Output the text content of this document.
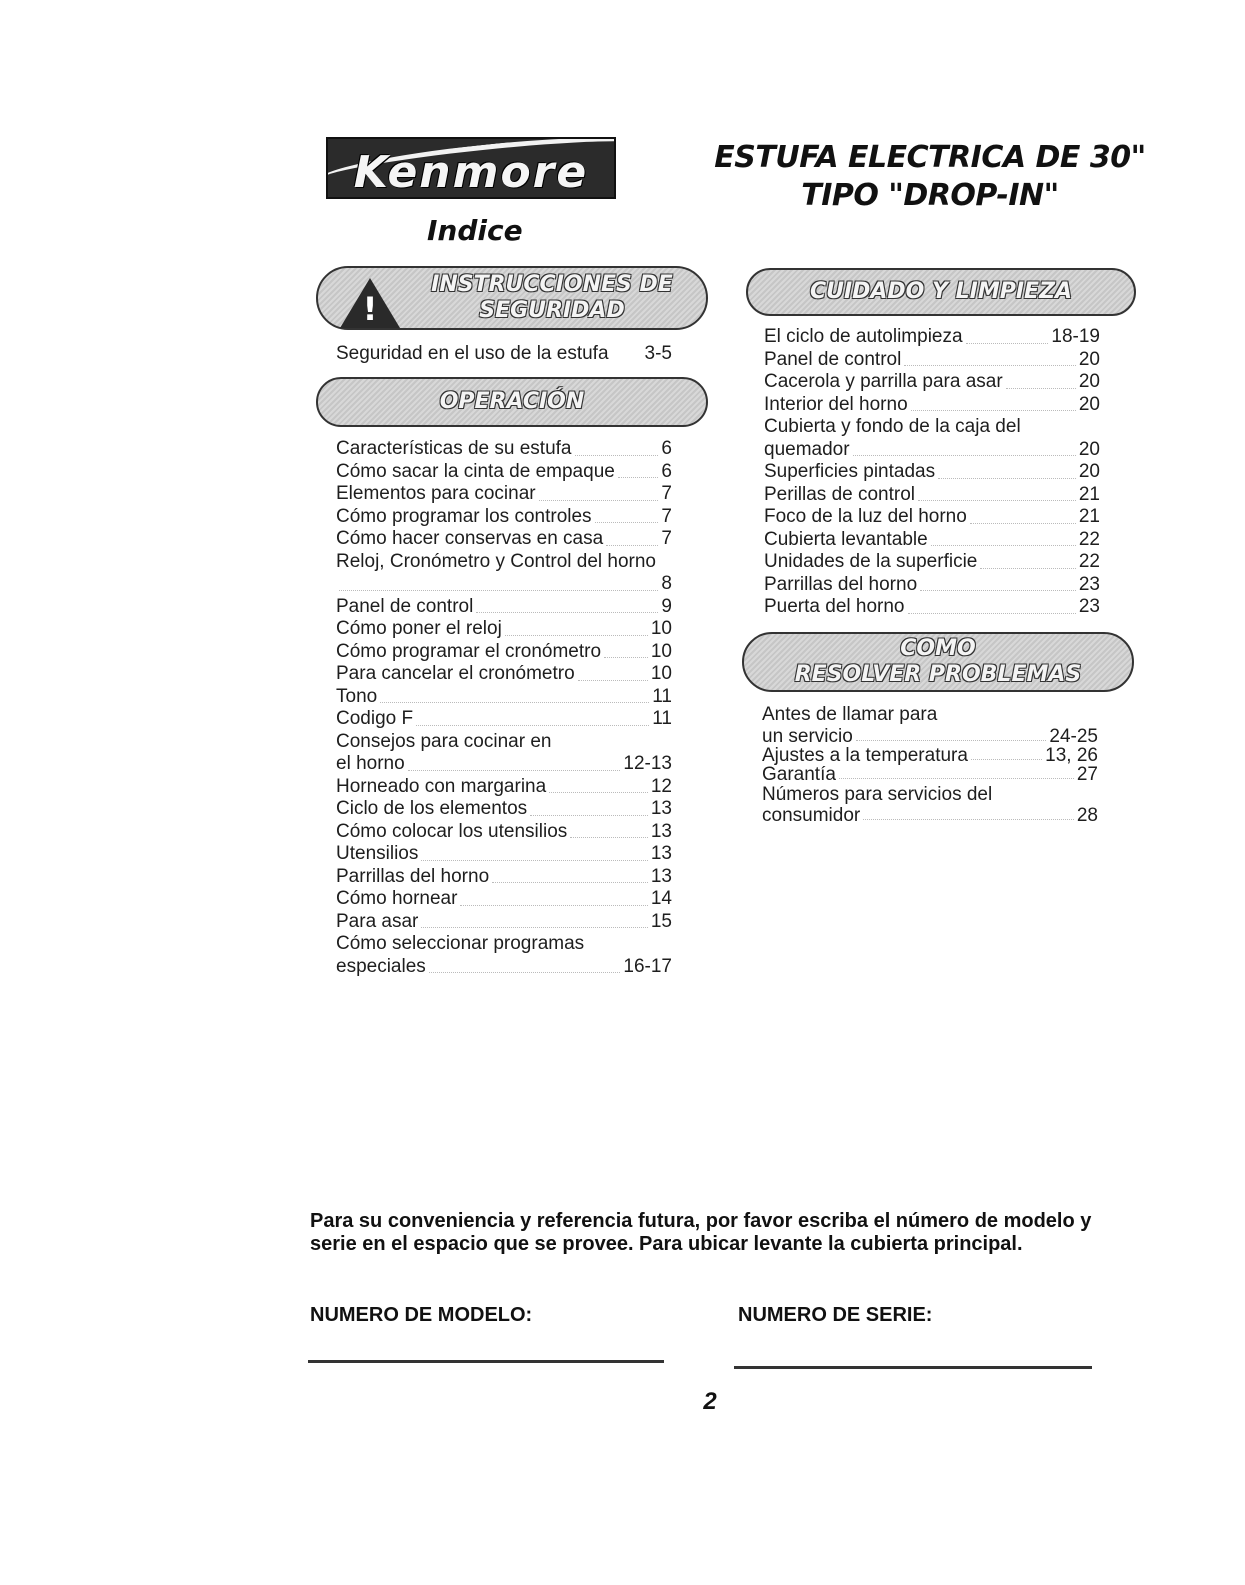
Kenmore
Indice
ESTUFA ELECTRICA DE 30"
TIPO "DROP-IN"
!
INSTRUCCIONES DE
SEGURIDAD
Seguridad en el uso de la estufa 3-5
OPERACIÓN
Características de su estufa	6
Cómo sacar la cinta de empaque 6
Elementos para cocinar	7
Cómo programar los controles	7
Cómo hacer conservas en casa	7
Reloj, Cronómetro y Control del horno
8
Panel de control	9
Cómo poner el reloj	10
Cómo programar el cronómetro	10
Para cancelar el cronómetro	10
Tono	11
Codigo F	11
Consejos para cocinar en
el horno	12-13
Horneado con margarina	12
Ciclo de los elementos	13
Cómo colocar los utensilios	13
Utensilios	13
Parrillas del horno	13
Cómo hornear	14
Para asar	15
Cómo seleccionar programas
especiales	16-17
CUIDADO Y LIMPIEZA
El ciclo de autolimpieza	18-19
Panel de control	20
Cacerola y parrilla para asar	20
Interior del horno	20
Cubierta y fondo de la caja del
quemador	20
Superficies pintadas	20
Perillas de control	21
Foco de la luz del horno	21
Cubierta levantable	22
Unidades de la superficie	22
Parrillas del horno	23
Puerta del horno	23
COMO
RESOLVER PROBLEMAS
Antes de llamar para
un servicio	24-25
Ajustes a la temperatura	13, 26
Garantía	27
Números para servicios del
consumidor	28
Para su conveniencia y referencia futura, por favor escriba el número de modelo y serie en el espacio que se provee. Para ubicar levante la cubierta principal.
NUMERO DE MODELO:	NUMERO DE SERIE:
2
